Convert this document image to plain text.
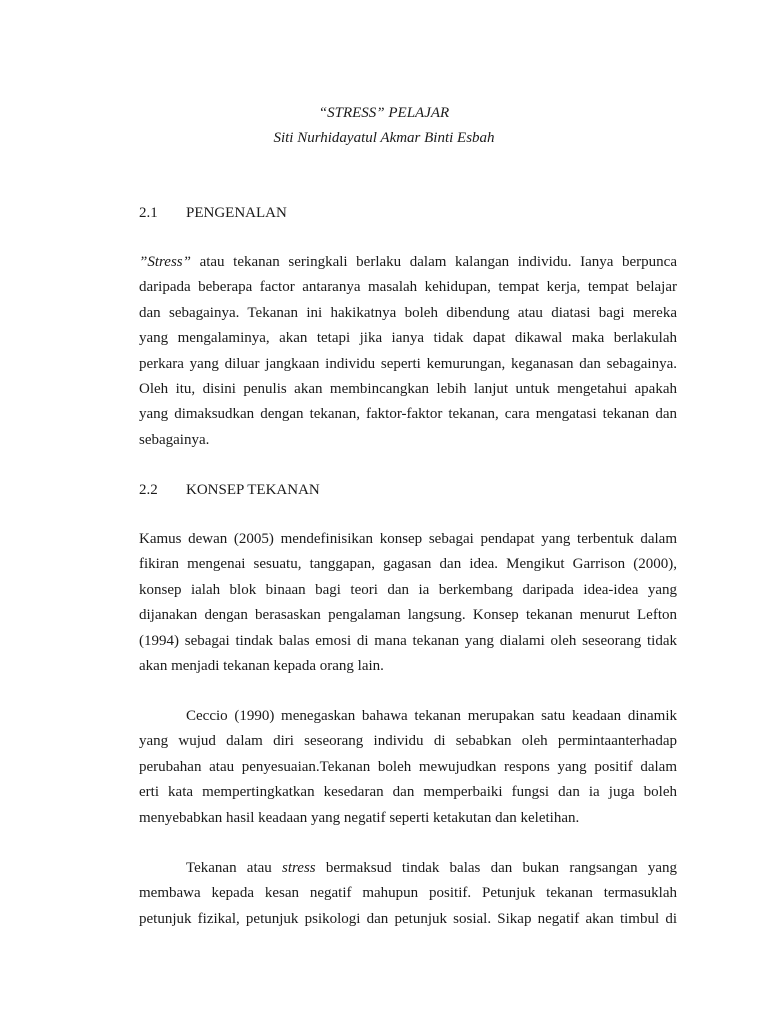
“STRESS” PELAJAR
Siti Nurhidayatul Akmar Binti Esbah
2.1 PENGENALAN
”Stress” atau tekanan seringkali berlaku dalam kalangan individu. Ianya berpunca
daripada beberapa factor antaranya masalah kehidupan, tempat kerja, tempat belajar
dan sebagainya. Tekanan ini hakikatnya boleh dibendung atau diatasi bagi mereka
yang mengalaminya, akan tetapi jika ianya tidak dapat dikawal maka berlakulah
perkara yang diluar jangkaan individu seperti kemurungan, keganasan dan sebagainya.
Oleh itu, disini penulis akan membincangkan lebih lanjut untuk mengetahui apakah
yang dimaksudkan dengan tekanan, faktor-faktor tekanan, cara mengatasi tekanan dan
sebagainya.
2.2 KONSEP TEKANAN
Kamus dewan (2005) mendefinisikan konsep sebagai pendapat yang terbentuk dalam
fikiran mengenai sesuatu, tanggapan, gagasan dan idea. Mengikut Garrison (2000),
konsep ialah blok binaan bagi teori dan ia berkembang daripada idea-idea yang
dijanakan dengan berasaskan pengalaman langsung. Konsep tekanan menurut Lefton
(1994) sebagai tindak balas emosi di mana tekanan yang dialami oleh seseorang tidak
akan menjadi tekanan kepada orang lain.
Ceccio (1990) menegaskan bahawa tekanan merupakan satu keadaan dinamik
yang wujud dalam diri seseorang individu di sebabkan oleh permintaanterhadap
perubahan atau penyesuaian.Tekanan boleh mewujudkan respons yang positif dalam
erti kata mempertingkatkan kesedaran dan memperbaiki fungsi dan ia juga boleh
menyebabkan hasil keadaan yang negatif seperti ketakutan dan keletihan.
Tekanan atau stress bermaksud tindak balas dan bukan rangsangan yang
membawa kepada kesan negatif mahupun positif. Petunjuk tekanan termasuklah
petunjuk fizikal, petunjuk psikologi dan petunjuk sosial. Sikap negatif akan timbul di
